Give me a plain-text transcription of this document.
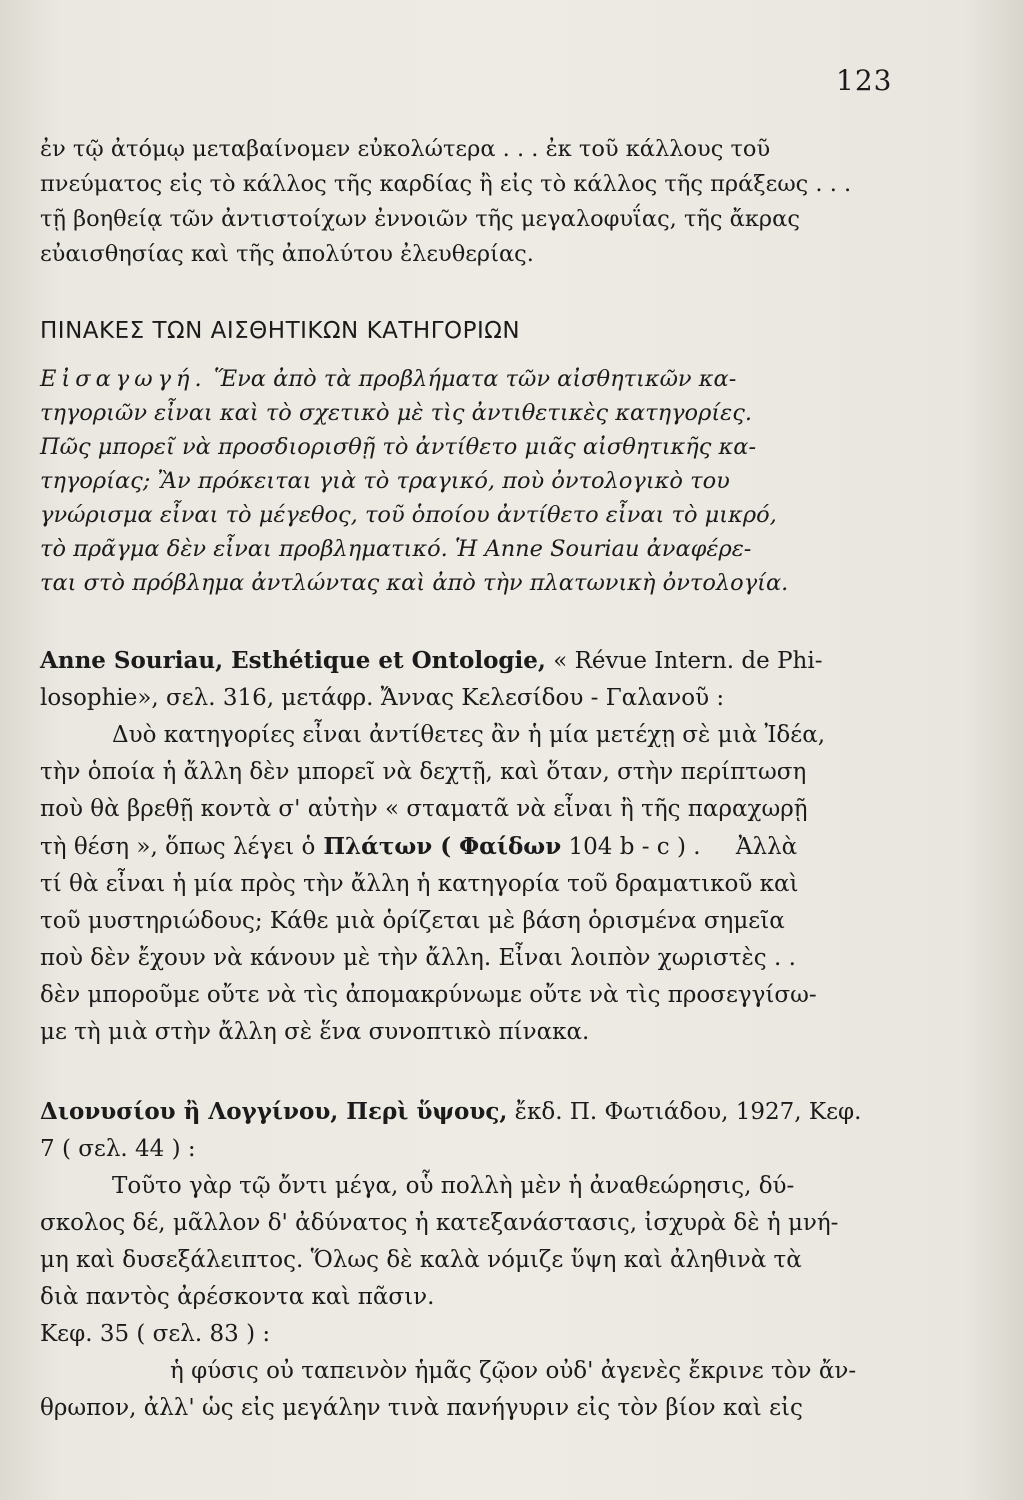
123

ἐν τῷ ἀτόμῳ μεταβαίνομεν εὐκολώτερα . . . ἐκ τοῦ κάλλους τοῦ
πνεύματος εἰς τὸ κάλλος τῆς καρδίας ἢ εἰς τὸ κάλλος τῆς πράξεως . . .
τῇ βοηθείᾳ τῶν ἀντιστοίχων ἐννοιῶν τῆς μεγαλοφυΐας, τῆς ἄκρας
εὐαισθησίας καὶ τῆς ἀπολύτου ἐλευθερίας.

ΠΙΝΑΚΕΣ ΤΩΝ ΑΙΣΘΗΤΙΚΩΝ ΚΑΤΗΓΟΡΙΩΝ
Εἰσαγωγή. Ἕνα ἀπὸ τὰ προβλήματα τῶν αἰσθητικῶν κα-
τηγοριῶν εἶναι καὶ τὸ σχετικὸ μὲ τὶς ἀντιθετικὲς κατηγορίες.
Πῶς μπορεῖ νὰ προσδιορισθῇ τὸ ἀντίθετο μιᾶς αἰσθητικῆς κα-
τηγορίας; Ἂν πρόκειται γιὰ τὸ τραγικό, ποὺ ὀντολογικὸ του
γνώρισμα εἶναι τὸ μέγεθος, τοῦ ὁποίου ἀντίθετο εἶναι τὸ μικρό,
τὸ πρᾶγμα δὲν εἶναι προβληματικό. Ἡ Anne Souriau ἀναφέρε-
ται στὸ πρόβλημα ἀντλώντας καὶ ἀπὸ τὴν πλατωνικὴ ὀντολογία.
Anne Souriau, Esthétique et Ontologie, « Révue Intern. de Phi-
losophie», σελ. 316, μετάφρ. Ἄννας Κελεσίδου - Γαλανοῦ :
Δυὸ κατηγορίες εἶναι ἀντίθετες ἂν ἡ μία μετέχῃ σὲ μιὰ Ἰδέα,
τὴν ὁποία ἡ ἄλλη δὲν μπορεῖ νὰ δεχτῇ, καὶ ὅταν, στὴν περίπτωση
ποὺ θὰ βρεθῇ κοντὰ σ' αὐτὴν « σταματᾶ νὰ εἶναι ἢ τῆς παραχωρῇ
τὴ θέση », ὅπως λέγει ὁ Πλάτων ( Φαίδων 104 b - c ) . Ἀλλὰ
τί θὰ εἶναι ἡ μία πρὸς τὴν ἄλλη ἡ κατηγορία τοῦ δραματικοῦ καὶ
τοῦ μυστηριώδους; Κάθε μιὰ ὁρίζεται μὲ βάση ὁρισμένα σημεῖα
ποὺ δὲν ἔχουν νὰ κάνουν μὲ τὴν ἄλλη. Εἶναι λοιπὸν χωριστὲς . .
δὲν μποροῦμε οὔτε νὰ τὶς ἀπομακρύνωμε οὔτε νὰ τὶς προσεγγίσω-
με τὴ μιὰ στὴν ἄλλη σὲ ἕνα συνοπτικὸ πίνακα.
Διονυσίου ἢ Λογγίνου, Περὶ ὕψους, ἔκδ. Π. Φωτιάδου, 1927, Κεφ.
7 ( σελ. 44 ) :
Τοῦτο γὰρ τῷ ὄντι μέγα, οὗ πολλὴ μὲν ἡ ἀναθεώρησις, δύ-
σκολος δέ, μᾶλλον δ' ἀδύνατος ἡ κατεξανάστασις, ἰσχυρὰ δὲ ἡ μνή-
μη καὶ δυσεξάλειπτος. Ὅλως δὲ καλὰ νόμιζε ὕψη καὶ ἀληθινὰ τὰ
διὰ παντὸς ἀρέσκοντα καὶ πᾶσιν.
Κεφ. 35 ( σελ. 83 ) :
ἡ φύσις οὐ ταπεινὸν ἡμᾶς ζῷον οὐδ' ἀγενὲς ἔκρινε τὸν ἄν-
θρωπον, ἀλλ' ὡς εἰς μεγάλην τινὰ πανήγυριν εἰς τὸν βίον καὶ εἰς
